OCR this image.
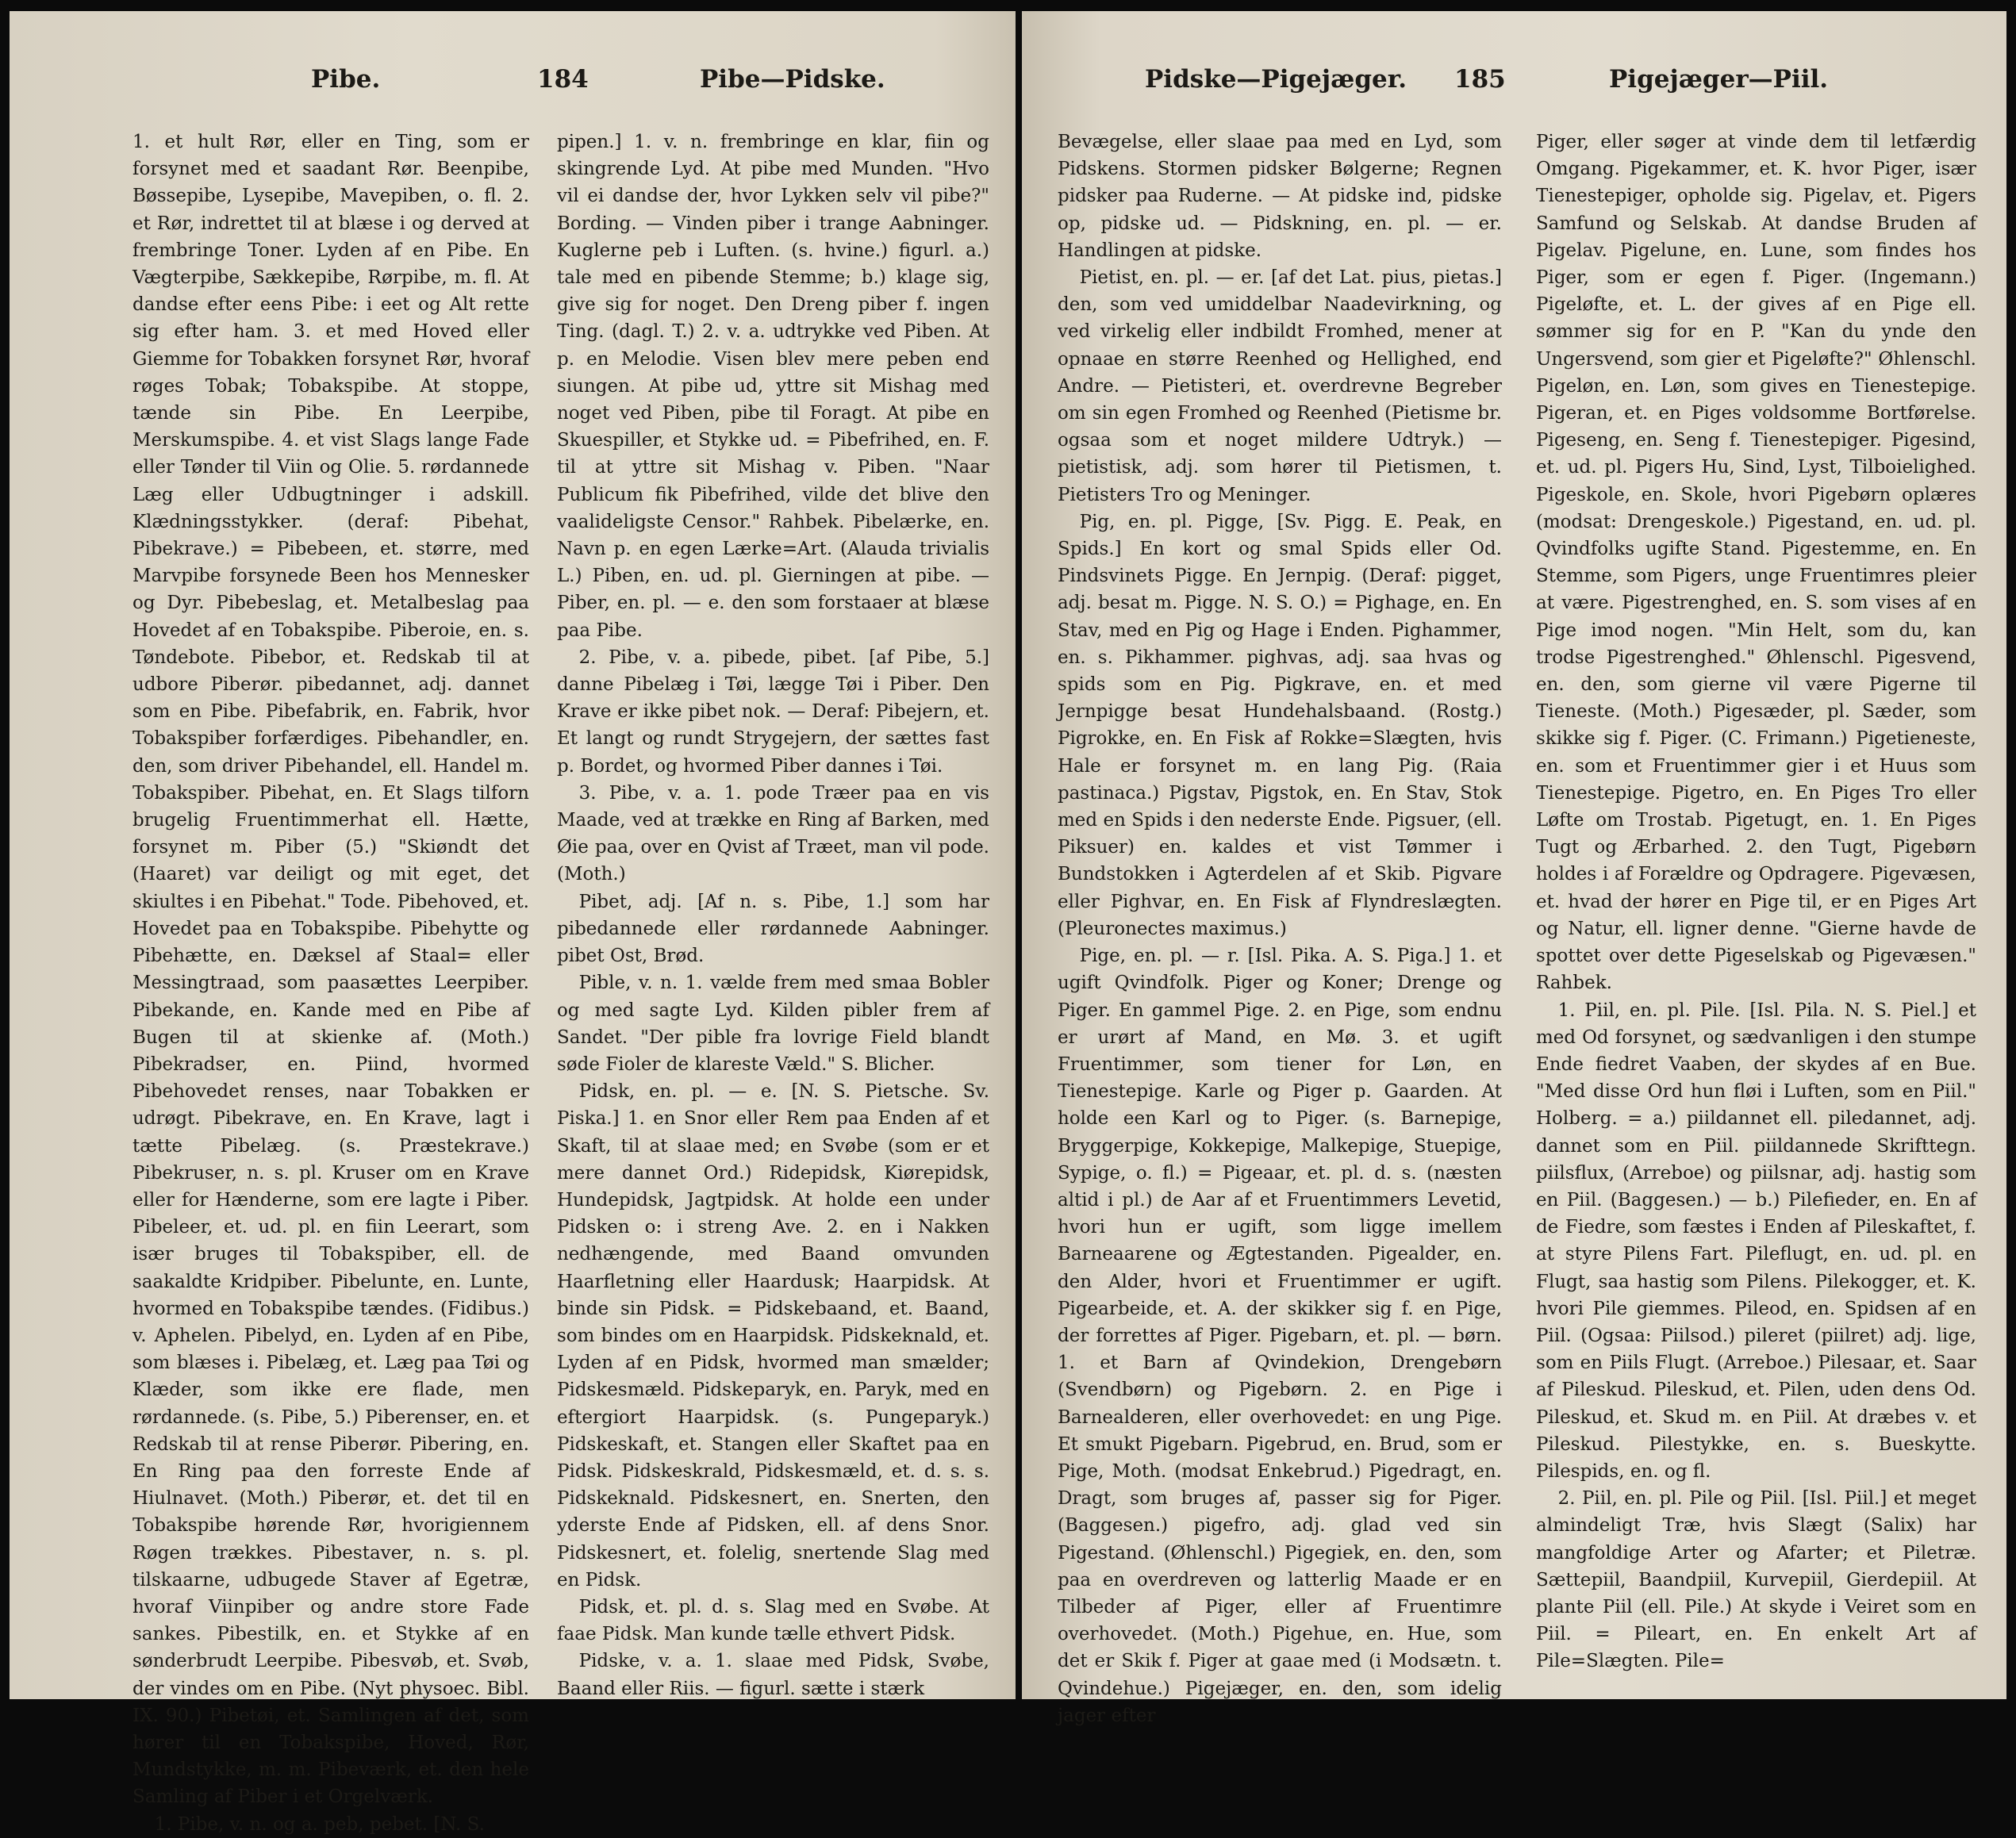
Pibe.	184	Pibe—Pidske.

1. et hult Rør, eller en Ting, som er forsynet med et saadant Rør. Beenpibe, Bøssepibe, Lysepibe, Mavepiben, o. fl. 2. et Rør, indrettet til at blæse i og derved at frembringe Toner. Lyden af en Pibe. En Vægterpibe, Sækkepibe, Rørpibe, m. fl. At dandse efter eens Pibe: i eet og Alt rette sig efter ham. 3. et med Hoved eller Giemme for Tobakken forsynet Rør, hvoraf røges Tobak; Tobakspibe. At stoppe, tænde sin Pibe. En Leerpibe, Merskumspibe. 4. et vist Slags lange Fade eller Tønder til Viin og Olie. 5. rørdannede Læg eller Udbugtninger i adskill. Klædningsstykker. (deraf: Pibehat, Pibekrave.) = Pibebeen, et. større, med Marvpibe forsynede Been hos Mennesker og Dyr. Pibebeslag, et. Metalbeslag paa Hovedet af en Tobakspibe. Piberoie, en. s. Tøndebote. Pibebor, et. Redskab til at udbore Piberør. pibedannet, adj. dannet som en Pibe. Pibefabrik, en. Fabrik, hvor Tobakspiber forfærdiges. Pibehandler, en. den, som driver Pibehandel, ell. Handel m. Tobakspiber. Pibehat, en. Et Slags tilforn brugelig Fruentimmerhat ell. Hætte, forsynet m. Piber (5.) "Skiøndt det (Haaret) var deiligt og mit eget, det skiultes i en Pibehat." Tode. Pibehoved, et. Hovedet paa en Tobakspibe. Pibehytte og Pibehætte, en. Dæksel af Staal= eller Messingtraad, som paasættes Leerpiber. Pibekande, en. Kande med en Pibe af Bugen til at skienke af. (Moth.) Pibekradser, en. Piind, hvormed Pibehovedet renses, naar Tobakken er udrøgt. Pibekrave, en. En Krave, lagt i tætte Pibelæg. (s. Præstekrave.) Pibekruser, n. s. pl. Kruser om en Krave eller for Hænderne, som ere lagte i Piber. Pibeleer, et. ud. pl. en fiin Leerart, som især bruges til Tobakspiber, ell. de saakaldte Kridpiber. Pibelunte, en. Lunte, hvormed en Tobakspibe tændes. (Fidibus.) v. Aphelen. Pibelyd, en. Lyden af en Pibe, som blæses i. Pibelæg, et. Læg paa Tøi og Klæder, som ikke ere flade, men rørdannede. (s. Pibe, 5.) Piberenser, en. et Redskab til at rense Piberør. Pibering, en. En Ring paa den forreste Ende af Hiulnavet. (Moth.) Piberør, et. det til en Tobakspibe hørende Rør, hvorigiennem Røgen trækkes. Pibestaver, n. s. pl. tilskaarne, udbugede Staver af Egetræ, hvoraf Viinpiber og andre store Fade sankes. Pibestilk, en. et Stykke af en sønderbrudt Leerpibe. Pibesvøb, et. Svøb, der vindes om en Pibe. (Nyt physoec. Bibl. IX. 90.) Pibetøi, et. Samlingen af det, som hører til en Tobakspibe, Hoved, Rør, Mundstykke, m. m. Pibeværk, et. den hele Samling af Piber i et Orgelværk.

1. Pibe, v. n. og a. peb, pebet. [N. S.

pipen.] 1. v. n. frembringe en klar, fiin og skingrende Lyd. At pibe med Munden. "Hvo vil ei dandse der, hvor Lykken selv vil pibe?" Bording. — Vinden piber i trange Aabninger. Kuglerne peb i Luften. (s. hvine.) figurl. a.) tale med en pibende Stemme; b.) klage sig, give sig for noget. Den Dreng piber f. ingen Ting. (dagl. T.) 2. v. a. udtrykke ved Piben. At p. en Melodie. Visen blev mere peben end siungen. At pibe ud, yttre sit Mishag med noget ved Piben, pibe til Foragt. At pibe en Skuespiller, et Stykke ud. = Pibefrihed, en. F. til at yttre sit Mishag v. Piben. "Naar Publicum fik Pibefrihed, vilde det blive den vaalideligste Censor." Rahbek. Pibelærke, en. Navn p. en egen Lærke=Art. (Alauda trivialis L.) Piben, en. ud. pl. Gierningen at pibe. — Piber, en. pl. — e. den som forstaaer at blæse paa Pibe.

2. Pibe, v. a. pibede, pibet. [af Pibe, 5.] danne Pibelæg i Tøi, lægge Tøi i Piber. Den Krave er ikke pibet nok. — Deraf: Pibejern, et. Et langt og rundt Strygejern, der sættes fast p. Bordet, og hvormed Piber dannes i Tøi.

3. Pibe, v. a. 1. pode Træer paa en vis Maade, ved at trække en Ring af Barken, med Øie paa, over en Qvist af Træet, man vil pode. (Moth.)

Pibet, adj. [Af n. s. Pibe, 1.] som har pibedannede eller rørdannede Aabninger. pibet Ost, Brød.

Pible, v. n. 1. vælde frem med smaa Bobler og med sagte Lyd. Kilden pibler frem af Sandet. "Der pible fra lovrige Field blandt søde Fioler de klareste Væld." S. Blicher.

Pidsk, en. pl. — e. [N. S. Pietsche. Sv. Piska.] 1. en Snor eller Rem paa Enden af et Skaft, til at slaae med; en Svøbe (som er et mere dannet Ord.) Ridepidsk, Kiørepidsk, Hundepidsk, Jagtpidsk. At holde een under Pidsken o: i streng Ave. 2. en i Nakken nedhængende, med Baand omvunden Haarfletning eller Haardusk; Haarpidsk. At binde sin Pidsk. = Pidskebaand, et. Baand, som bindes om en Haarpidsk. Pidskeknald, et. Lyden af en Pidsk, hvormed man smælder; Pidskesmæld. Pidskeparyk, en. Paryk, med en eftergiort Haarpidsk. (s. Pungeparyk.) Pidskeskaft, et. Stangen eller Skaftet paa en Pidsk. Pidskeskrald, Pidskesmæld, et. d. s. s. Pidskeknald. Pidskesnert, en. Snerten, den yderste Ende af Pidsken, ell. af dens Snor. Pidskesnert, et. folelig, snertende Slag med en Pidsk.

Pidsk, et. pl. d. s. Slag med en Svøbe. At faae Pidsk. Man kunde tælle ethvert Pidsk.

Pidske, v. a. 1. slaae med Pidsk, Svøbe, Baand eller Riis. — figurl. sætte i stærk

Pidske—Pigejæger. 185	Pigejæger—Piil.

Bevægelse, eller slaae paa med en Lyd, som Pidskens. Stormen pidsker Bølgerne; Regnen pidsker paa Ruderne. — At pidske ind, pidske op, pidske ud. — Pidskning, en. pl. — er. Handlingen at pidske.

Pietist, en. pl. — er. [af det Lat. pius, pietas.] den, som ved umiddelbar Naadevirkning, og ved virkelig eller indbildt Fromhed, mener at opnaae en større Reenhed og Hellighed, end Andre. — Pietisteri, et. overdrevne Begreber om sin egen Fromhed og Reenhed (Pietisme br. ogsaa som et noget mildere Udtryk.) — pietistisk, adj. som hører til Pietismen, t. Pietisters Tro og Meninger.

Pig, en. pl. Pigge, [Sv. Pigg. E. Peak, en Spids.] En kort og smal Spids eller Od. Pindsvinets Pigge. En Jernpig. (Deraf: pigget, adj. besat m. Pigge. N. S. O.) = Pighage, en. En Stav, med en Pig og Hage i Enden. Pighammer, en. s. Pikhammer. pighvas, adj. saa hvas og spids som en Pig. Pigkrave, en. et med Jernpigge besat Hundehalsbaand. (Rostg.) Pigrokke, en. En Fisk af Rokke=Slægten, hvis Hale er forsynet m. en lang Pig. (Raia pastinaca.) Pigstav, Pigstok, en. En Stav, Stok med en Spids i den nederste Ende. Pigsuer, (ell. Piksuer) en. kaldes et vist Tømmer i Bundstokken i Agterdelen af et Skib. Pigvare eller Pighvar, en. En Fisk af Flyndreslægten. (Pleuronectes maximus.)

Pige, en. pl. — r. [Isl. Pika. A. S. Piga.] 1. et ugift Qvindfolk. Piger og Koner; Drenge og Piger. En gammel Pige. 2. en Pige, som endnu er urørt af Mand, en Mø. 3. et ugift Fruentimmer, som tiener for Løn, en Tienestepige. Karle og Piger p. Gaarden. At holde een Karl og to Piger. (s. Barnepige, Bryggerpige, Kokkepige, Malkepige, Stuepige, Sypige, o. fl.) = Pigeaar, et. pl. d. s. (næsten altid i pl.) de Aar af et Fruentimmers Levetid, hvori hun er ugift, som ligge imellem Barneaarene og Ægtestanden. Pigealder, en. den Alder, hvori et Fruentimmer er ugift. Pigearbeide, et. A. der skikker sig f. en Pige, der forrettes af Piger. Pigebarn, et. pl. — børn. 1. et Barn af Qvindekion, Drengebørn (Svendbørn) og Pigebørn. 2. en Pige i Barnealderen, eller overhovedet: en ung Pige. Et smukt Pigebarn. Pigebrud, en. Brud, som er Pige, Moth. (modsat Enkebrud.) Pigedragt, en. Dragt, som bruges af, passer sig for Piger. (Baggesen.) pigefro, adj. glad ved sin Pigestand. (Øhlenschl.) Pigegiek, en. den, som paa en overdreven og latterlig Maade er en Tilbeder af Piger, eller af Fruentimre overhovedet. (Moth.) Pigehue, en. Hue, som det er Skik f. Piger at gaae med (i Modsætn. t. Qvindehue.) Pigejæger, en. den, som idelig jager efter

Piger, eller søger at vinde dem til letfærdig Omgang. Pigekammer, et. K. hvor Piger, især Tienestepiger, opholde sig. Pigelav, et. Pigers Samfund og Selskab. At dandse Bruden af Pigelav. Pigelune, en. Lune, som findes hos Piger, som er egen f. Piger. (Ingemann.) Pigeløfte, et. L. der gives af en Pige ell. sømmer sig for en P. "Kan du ynde den Ungersvend, som gier et Pigeløfte?" Øhlenschl. Pigeløn, en. Løn, som gives en Tienestepige. Pigeran, et. en Piges voldsomme Bortførelse. Pigeseng, en. Seng f. Tienestepiger. Pigesind, et. ud. pl. Pigers Hu, Sind, Lyst, Tilboielighed. Pigeskole, en. Skole, hvori Pigebørn oplæres (modsat: Drengeskole.) Pigestand, en. ud. pl. Qvindfolks ugifte Stand. Pigestemme, en. En Stemme, som Pigers, unge Fruentimres pleier at være. Pigestrenghed, en. S. som vises af en Pige imod nogen. "Min Helt, som du, kan trodse Pigestrenghed." Øhlenschl. Pigesvend, en. den, som gierne vil være Pigerne til Tieneste. (Moth.) Pigesæder, pl. Sæder, som skikke sig f. Piger. (C. Frimann.) Pigetieneste, en. som et Fruentimmer gier i et Huus som Tienestepige. Pigetro, en. En Piges Tro eller Løfte om Trostab. Pigetugt, en. 1. En Piges Tugt og Ærbarhed. 2. den Tugt, Pigebørn holdes i af Forældre og Opdragere. Pigevæsen, et. hvad der hører en Pige til, er en Piges Art og Natur, ell. ligner denne. "Gierne havde de spottet over dette Pigeselskab og Pigevæsen." Rahbek.

1. Piil, en. pl. Pile. [Isl. Pila. N. S. Piel.] et med Od forsynet, og sædvanligen i den stumpe Ende fiedret Vaaben, der skydes af en Bue. "Med disse Ord hun fløi i Luften, som en Piil." Holberg. = a.) piildannet ell. piledannet, adj. dannet som en Piil. piildannede Skrifttegn. piilsflux, (Arreboe) og piilsnar, adj. hastig som en Piil. (Baggesen.) — b.) Pilefieder, en. En af de Fiedre, som fæstes i Enden af Pileskaftet, f. at styre Pilens Fart. Pileflugt, en. ud. pl. en Flugt, saa hastig som Pilens. Pilekogger, et. K. hvori Pile giemmes. Pileod, en. Spidsen af en Piil. (Ogsaa: Piilsod.) pileret (piilret) adj. lige, som en Piils Flugt. (Arreboe.) Pilesaar, et. Saar af Pileskud. Pileskud, et. Pilen, uden dens Od. Pileskud, et. Skud m. en Piil. At dræbes v. et Pileskud. Pilestykke, en. s. Bueskytte. Pilespids, en. og fl.

2. Piil, en. pl. Pile og Piil. [Isl. Piil.] et meget almindeligt Træ, hvis Slægt (Salix) har mangfoldige Arter og Afarter; et Piletræ. Sættepiil, Baandpiil, Kurvepiil, Gierdepiil. At plante Piil (ell. Pile.) At skyde i Veiret som en Piil. = Pileart, en. En enkelt Art af Pile=Slægten. Pile=
